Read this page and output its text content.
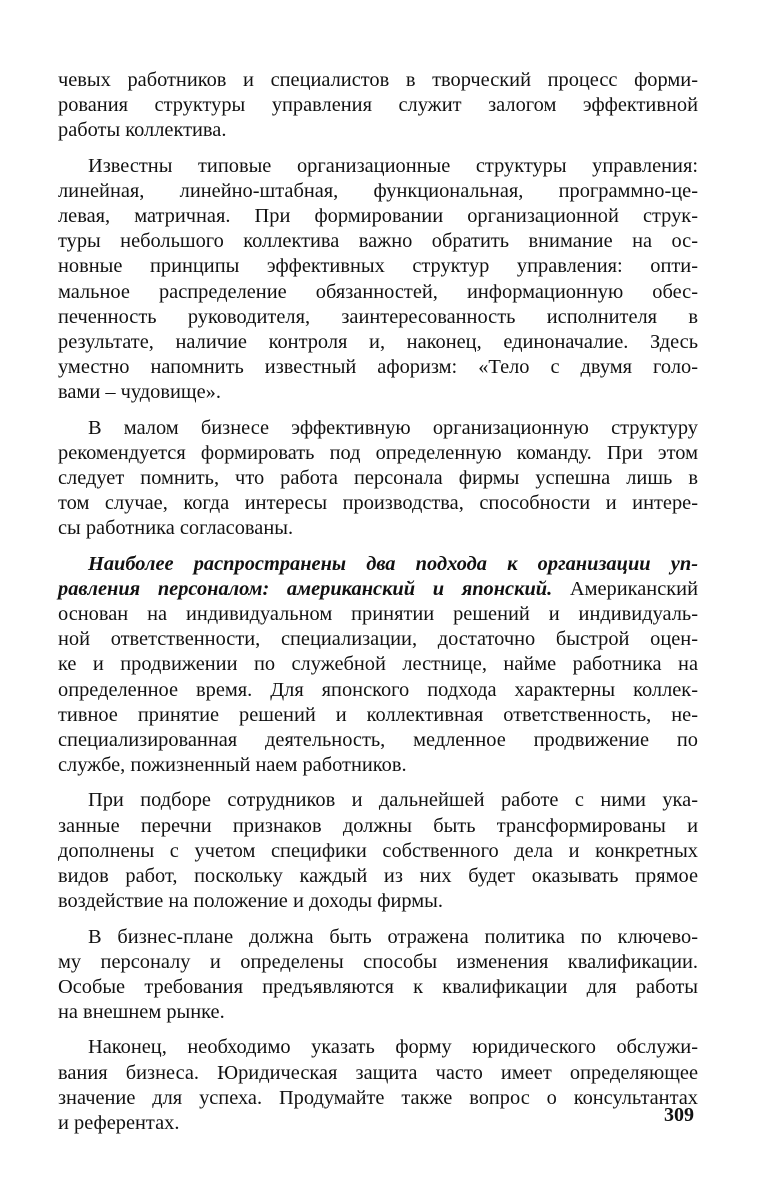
чевых работников и специалистов в творческий процесс форми-
рования структуры управления служит залогом эффективной
работы коллектива.
Известны типовые организационные структуры управления:
линейная, линейно-штабная, функциональная, программно-це-
левая, матричная. При формировании организационной струк-
туры небольшого коллектива важно обратить внимание на ос-
новные принципы эффективных структур управления: опти-
мальное распределение обязанностей, информационную обес-
печенность руководителя, заинтересованность исполнителя в
результате, наличие контроля и, наконец, единоначалие. Здесь
уместно напомнить известный афоризм: «Тело с двумя голо-
вами – чудовище».
В малом бизнесе эффективную организационную структуру
рекомендуется формировать под определенную команду. При этом
следует помнить, что работа персонала фирмы успешна лишь в
том случае, когда интересы производства, способности и интере-
сы работника согласованы.
Наиболее распространены два подхода к организации уп-
равления персоналом: американский и японский. Американский
основан на индивидуальном принятии решений и индивидуаль-
ной ответственности, специализации, достаточно быстрой оцен-
ке и продвижении по служебной лестнице, найме работника на
определенное время. Для японского подхода характерны коллек-
тивное принятие решений и коллективная ответственность, не-
специализированная деятельность, медленное продвижение по
службе, пожизненный наем работников.
При подборе сотрудников и дальнейшей работе с ними ука-
занные перечни признаков должны быть трансформированы и
дополнены с учетом специфики собственного дела и конкретных
видов работ, поскольку каждый из них будет оказывать прямое
воздействие на положение и доходы фирмы.
В бизнес-плане должна быть отражена политика по ключево-
му персоналу и определены способы изменения квалификации.
Особые требования предъявляются к квалификации для работы
на внешнем рынке.
Наконец, необходимо указать форму юридического обслужи-
вания бизнеса. Юридическая защита часто имеет определяющее
значение для успеха. Продумайте также вопрос о консультантах
и референтах.	309
